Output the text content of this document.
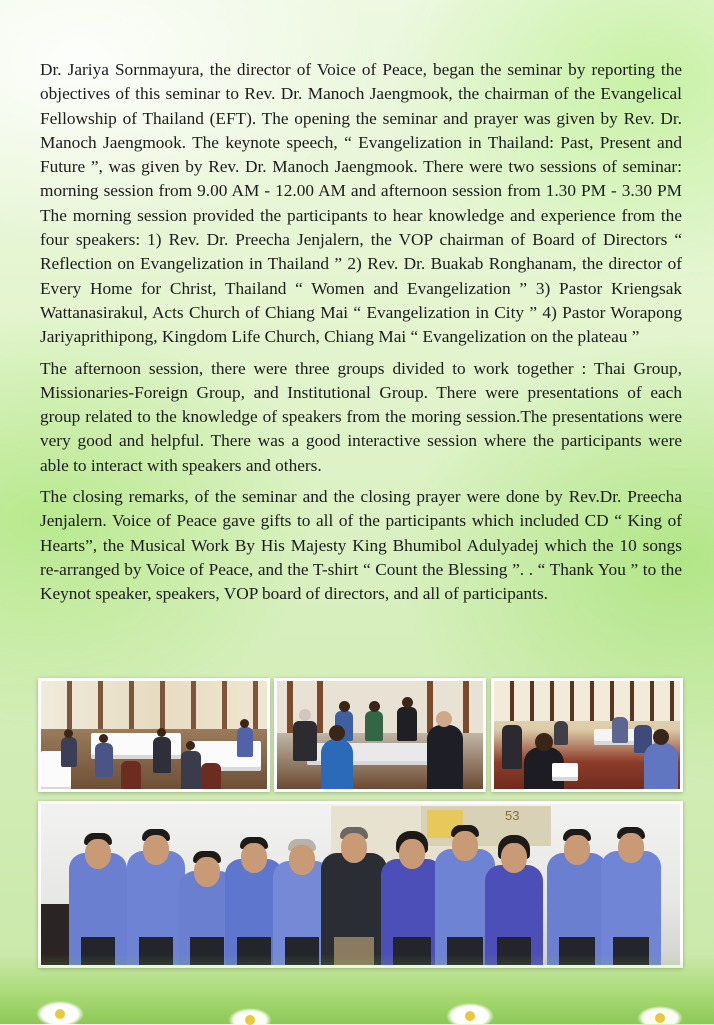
Dr. Jariya Sornmayura, the director of Voice of Peace, began the seminar by reporting the objectives of this seminar to Rev. Dr. Manoch Jaengmook, the chairman of the Evangelical Fellowship of Thailand (EFT). The opening the seminar and prayer was given by Rev. Dr. Manoch Jaengmook. The keynote speech, “ Evangelization in Thailand: Past, Present and Future ”, was given by Rev. Dr. Manoch Jaengmook. There were two sessions of seminar: morning session from 9.00 AM - 12.00 AM and afternoon session from 1.30 PM - 3.30 PM The morning session provided the participants to hear knowledge and experience from the four speakers: 1) Rev. Dr. Preecha Jenjalern, the VOP chairman of Board of Directors “ Reflection on Evangelization in Thailand ” 2) Rev. Dr. Buakab Ronghanam, the director of Every Home for Christ, Thailand “ Women and Evangelization ” 3) Pastor Kriengsak Wattanasirakul, Acts Church of Chiang Mai “ Evangelization in City ” 4) Pastor Worapong Jariyaprithipong, Kingdom Life Church, Chiang Mai “ Evangelization on the plateau ”

The afternoon session, there were three groups divided to work together : Thai Group, Missionaries-Foreign Group, and Institutional Group. There were presentations of each group related to the knowledge of speakers from the moring session.The presentations were very good and helpful. There was a good interactive session where the participants were able to interact with speakers and others.

The closing remarks, of the seminar and the closing prayer were done by Rev.Dr. Preecha Jenjalern. Voice of Peace gave gifts to all of the participants which included CD “ King of Hearts”, the Musical Work By His Majesty King Bhumibol Adulyadej which the 10 songs re-arranged by Voice of Peace, and the T-shirt “ Count the Blessing ”. . “ Thank You ” to the Keynot speaker, speakers, VOP board of directors, and all of participants.

53
